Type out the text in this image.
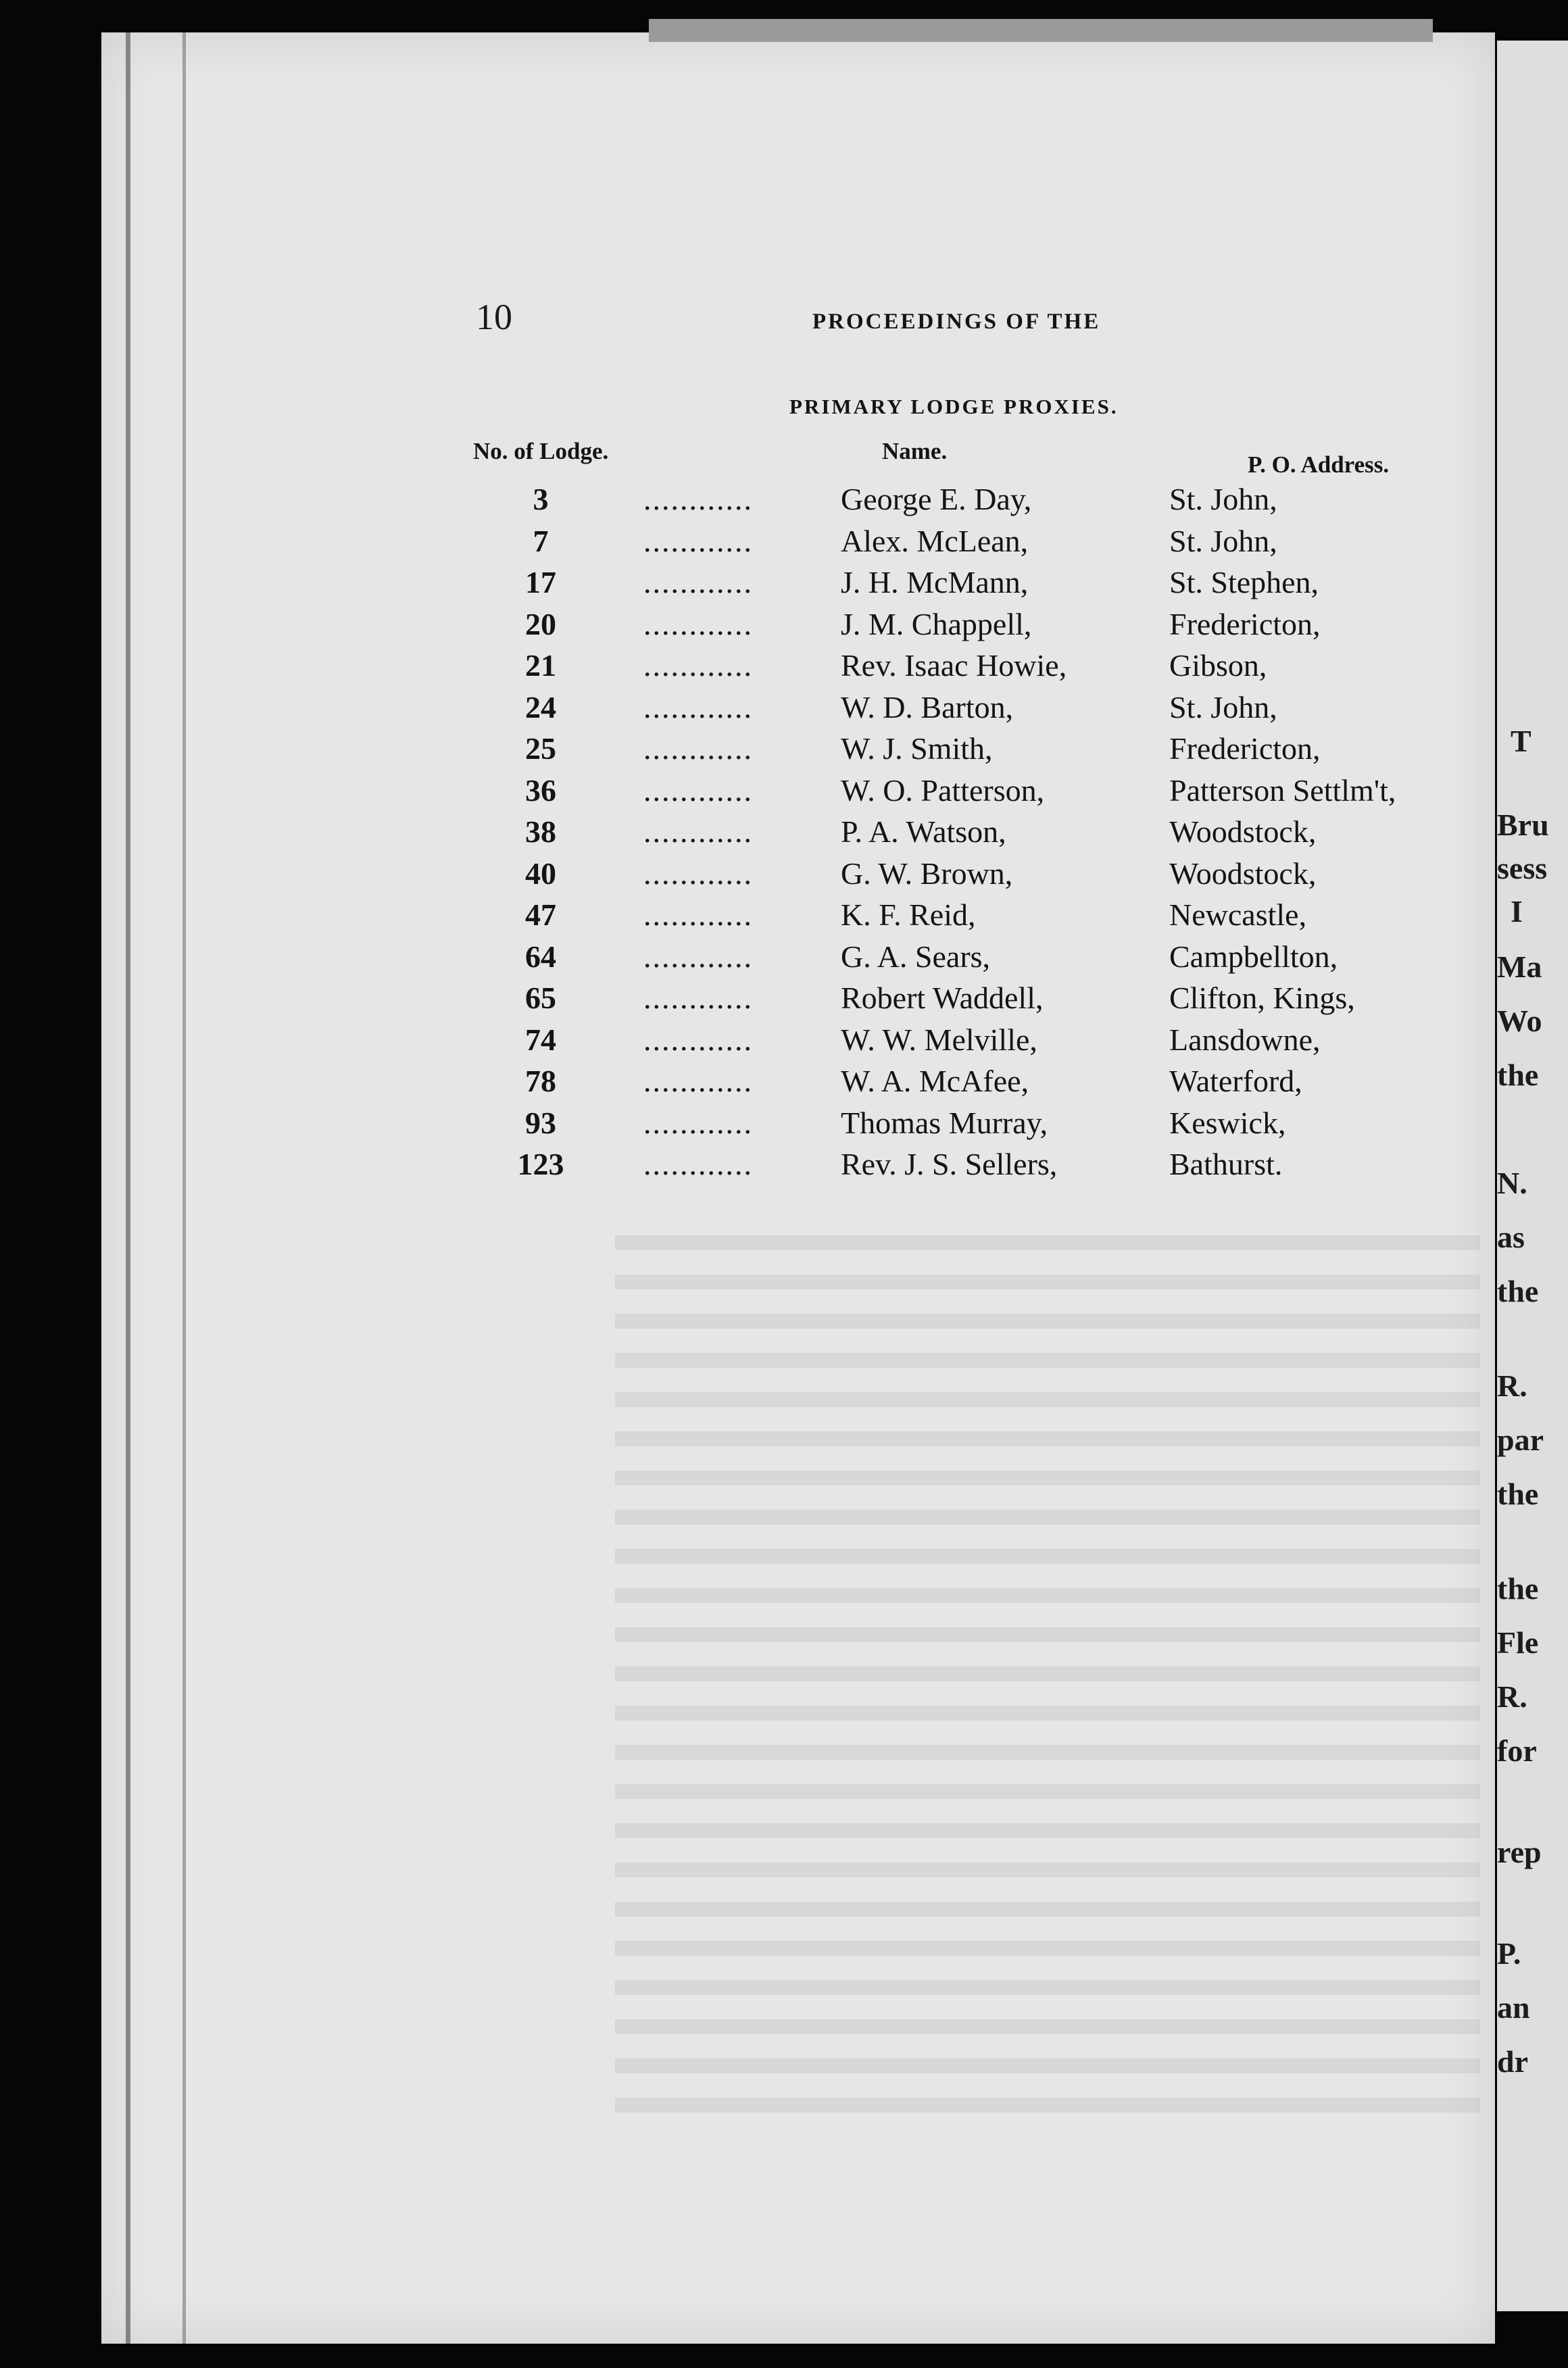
T
Bru
sess
I
Ma
Wo
the
N.
as
the
R.
par
the
the
Fle
R.
for
rep
P.
an
dr
10	PROCEEDINGS OF THE
PRIMARY LODGE PROXIES.
No. of Lodge.	Name.
P. O. Address.
3	............	George E. Day,	St. John,
7	............	Alex. McLean,	St. John,
17	............	J. H. McMann,	St. Stephen,
20	............	J. M. Chappell,	Fredericton,
21	............	Rev. Isaac Howie,	Gibson,
24	............	W. D. Barton,	St. John,
25	............	W. J. Smith,	Fredericton,
36	............	W. O. Patterson,	Patterson Settlm't,
38	............	P. A. Watson,	Woodstock,
40	............	G. W. Brown,	Woodstock,
47	............	K. F. Reid,	Newcastle,
64	............	G. A. Sears,	Campbellton,
65	............	Robert Waddell,	Clifton, Kings,
74	............	W. W. Melville,	Lansdowne,
78	............	W. A. McAfee,	Waterford,
93	............	Thomas Murray,	Keswick,
123	............	Rev. J. S. Sellers,	Bathurst.
